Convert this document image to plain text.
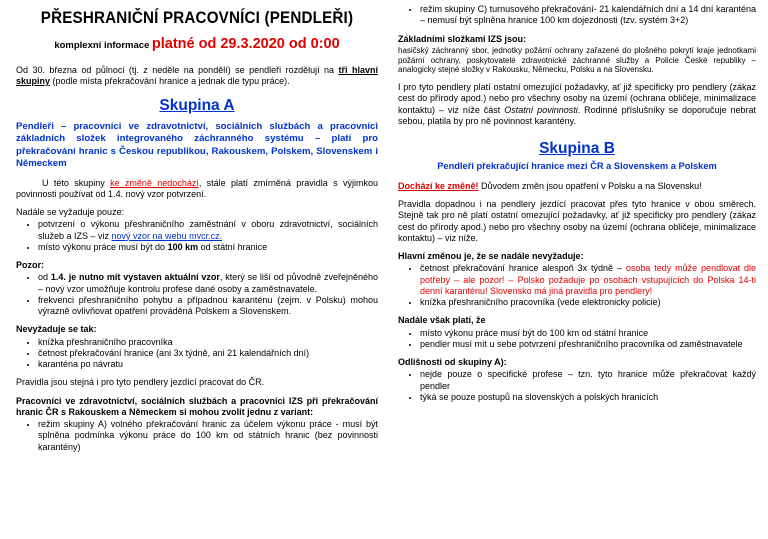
PŘESHRANIČNÍ PRACOVNÍCI (PENDLEŘI)
komplexní informace platné od 29.3.2020 od 0:00

Od 30. března od půlnoci (tj. z neděle na pondělí) se pendleři rozdělují na tři hlavní skupiny (podle místa překračování hranice a jednak dle typu práce).

Skupina A

Pendleři – pracovníci ve zdravotnictví, sociálních službách a pracovníci základních složek integrovaného záchranného systému – platí pro překračování hranic s Českou republikou, Rakouskem, Polskem, Slovenskem i Německem

U této skupiny ke změně nedochází, stále platí zmírněná pravidla s výjimkou povinnosti používat od 1.4. nový vzor potvrzení.

Nadále se vyžaduje pouze:

• potvrzení o výkonu přeshraničního zaměstnání v oboru zdravotnictví, sociálních služeb a IZS – viz nový vzor na webu mvcr.cz.
• místo výkonu práce musí být do 100 km od státní hranice

Pozor:

• od 1.4. je nutno mít vystaven aktuální vzor, který se liší od původně zveřejněného – nový vzor umožňuje kontrolu profese dané osoby a zaměstnavatele.
• frekvenci přeshraničního pohybu a případnou karanténu (zejm. v Polsku) mohou výrazně ovlivňovat opatření prováděná Polskem a Slovenskem.

Nevyžaduje se tak:

• knížka přeshraničního pracovníka
• četnost překračování hranice (ani 3x týdně, ani 21 kalendářních dní)
• karanténa po návratu

Pravidla jsou stejná i pro tyto pendlery jezdící pracovat do ČR.

Pracovníci ve zdravotnictví, sociálních službách a pracovníci IZS při překračování hranic ČR s Rakouskem a Německem si mohou zvolit jednu z variant:

• režim skupiny A) volného překračování hranic za účelem výkonu práce - musí být splněna podmínka výkonu práce do 100 km od státních hranic (bez povinnosti karantény)
• režim skupiny C) turnusového překračování- 21 kalendářních dní a 14 dní karanténa – nemusí být splněna hranice 100 km dojezdnosti (tzv. systém 3+2)

Základními složkami IZS jsou:

hasičský záchranný sbor, jednotky požární ochrany zařazené do plošného pokrytí kraje jednotkami požární ochrany, poskytovatelé zdravotnické záchranné služby a Policie České republiky – analogicky stejné složky v Rakousku, Německu, Polsku a na Slovensku.

I pro tyto pendlery platí ostatní omezující požadavky, ať již specificky pro pendlery (zákaz cest do přírody apod.) nebo pro všechny osoby na území (ochrana obličeje, minimalizace kontaktu) – viz níže část Ostatní povinnosti. Rodinné příslušníky se doporučuje nebrat sebou, platila by pro ně povinnost karantény.

Skupina B
Pendleři překračující hranice mezi ČR a Slovenskem a Polskem

Dochází ke změně! Důvodem změn jsou opatření v Polsku a na Slovensku!

Pravidla dopadnou i na pendlery jezdící pracovat přes tyto hranice v obou směrech. Stejně tak pro ně platí ostatní omezující požadavky, ať již specificky pro pendlery (zákaz cest do přírody apod.) nebo pro všechny osoby na území (ochrana obličeje, minimalizace kontaktu) – viz níže.

Hlavní změnou je, že se nadále nevyžaduje:

• četnost překračování hranice alespoň 3x týdně – osoba tedy může pendlovat dle potřeby – ale pozor! – Polsko požaduje po osobách vstupujících do Polska 14-ti denní karanténu! Slovensko má jiná pravidla pro pendlery!
• knížka přeshraničního pracovníka (vede elektronicky policie)

Nadále však platí, že

• místo výkonu práce musí být do 100 km od státní hranice
• pendler musí mít u sebe potvrzení přeshraničního pracovníka od zaměstnavatele

Odlišnosti od skupiny A):

• nejde pouze o specifické profese – tzn. tyto hranice může překračovat každý pendler
• týká se pouze postupů na slovenských a polských hranicích
